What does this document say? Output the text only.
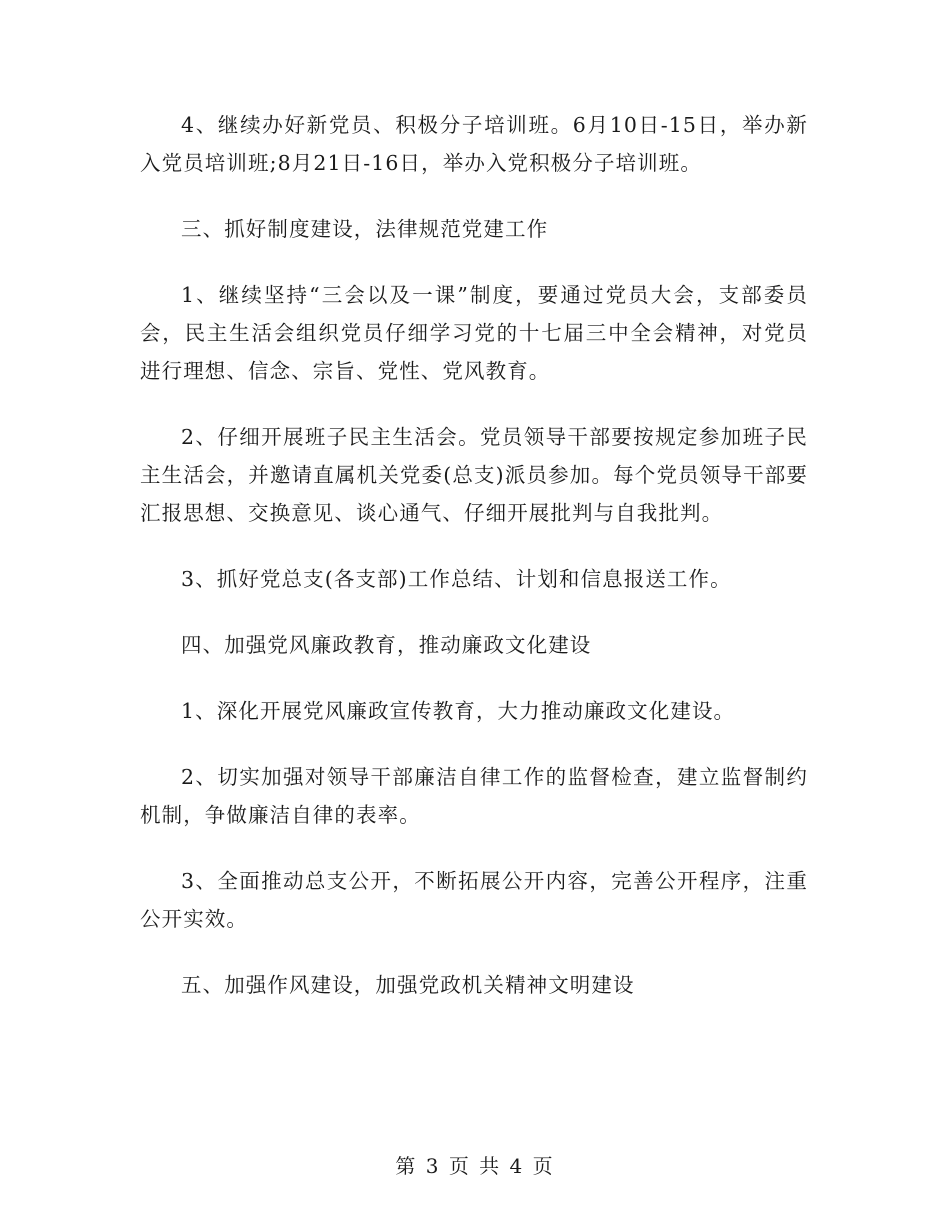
4、继续办好新党员、积极分子培训班。6月10日-15日，举办新入党员培训班;8月21日-16日，举办入党积极分子培训班。

三、抓好制度建设，法律规范党建工作

1、继续坚持“三会以及一课”制度，要通过党员大会，支部委员会，民主生活会组织党员仔细学习党的十七届三中全会精神，对党员进行理想、信念、宗旨、党性、党风教育。

2、仔细开展班子民主生活会。党员领导干部要按规定参加班子民主生活会，并邀请直属机关党委(总支)派员参加。每个党员领导干部要汇报思想、交换意见、谈心通气、仔细开展批判与自我批判。

3、抓好党总支(各支部)工作总结、计划和信息报送工作。

四、加强党风廉政教育，推动廉政文化建设

1、深化开展党风廉政宣传教育，大力推动廉政文化建设。

2、切实加强对领导干部廉洁自律工作的监督检查，建立监督制约机制，争做廉洁自律的表率。

3、全面推动总支公开，不断拓展公开内容，完善公开程序，注重公开实效。

五、加强作风建设，加强党政机关精神文明建设

第 3 页 共 4 页
